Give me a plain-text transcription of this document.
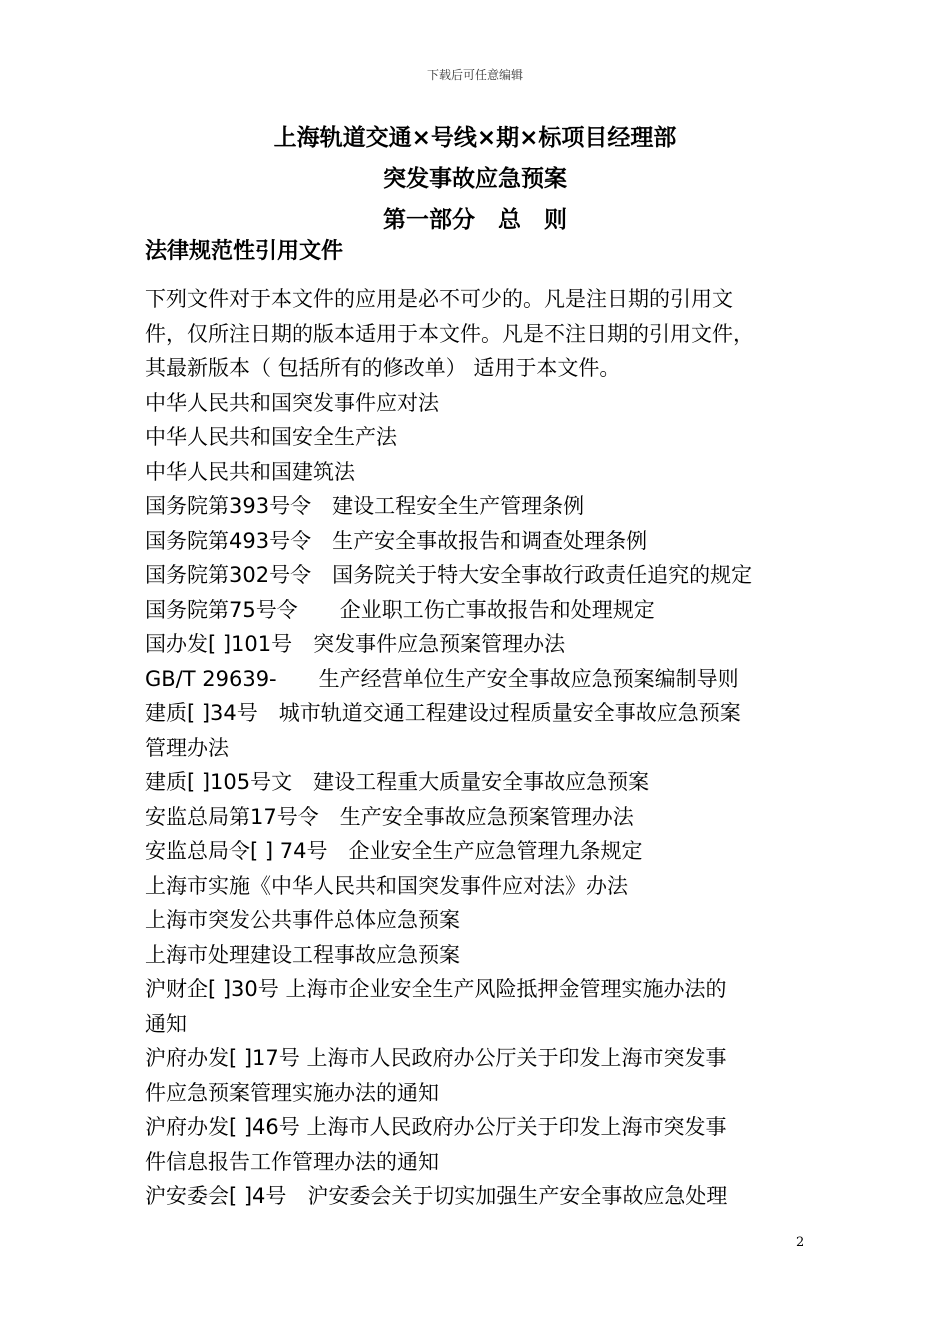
下载后可任意编辑
上海轨道交通×号线×期×标项目经理部
突发事故应急预案
第一部分　总　则
法律规范性引用文件

下列文件对于本文件的应用是必不可少的。凡是注日期的引用文

件，仅所注日期的版本适用于本文件。凡是不注日期的引用文件，

其最新版本（ 包括所有的修改单） 适用于本文件。

中华人民共和国突发事件应对法

中华人民共和国安全生产法

中华人民共和国建筑法

国务院第393号令　建设工程安全生产管理条例

国务院第493号令　生产安全事故报告和调查处理条例

国务院第302号令　国务院关于特大安全事故行政责任追究的规定

国务院第75号令　　企业职工伤亡事故报告和处理规定

国办发[ ]101号　突发事件应急预案管理办法

GB/T 29639-　　生产经营单位生产安全事故应急预案编制导则

建质[ ]34号　城市轨道交通工程建设过程质量安全事故应急预案

管理办法

建质[ ]105号文　建设工程重大质量安全事故应急预案

安监总局第17号令　生产安全事故应急预案管理办法

安监总局令[ ] 74号　企业安全生产应急管理九条规定

上海市实施《中华人民共和国突发事件应对法》办法

上海市突发公共事件总体应急预案

上海市处理建设工程事故应急预案

沪财企[ ]30号 上海市企业安全生产风险抵押金管理实施办法的

通知

沪府办发[ ]17号 上海市人民政府办公厅关于印发上海市突发事

件应急预案管理实施办法的通知

沪府办发[ ]46号 上海市人民政府办公厅关于印发上海市突发事

件信息报告工作管理办法的通知

沪安委会[ ]4号　沪安委会关于切实加强生产安全事故应急处理

2
